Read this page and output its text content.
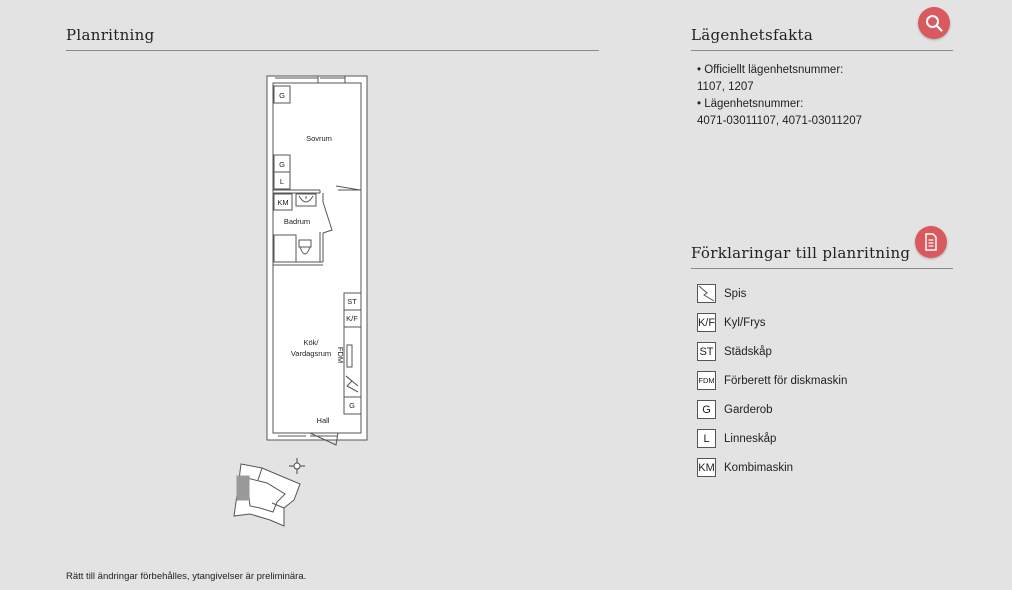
Planritning
G
G
L
KM
ST
K/F
G
Sovrum
Badrum
Kök/
Vardagsrum
Hall
FDM
Lägenhetsfakta
• Officiellt lägenhetsnummer:
1107, 1207
• Lägenhetsnummer:
4071-03011107, 4071-03011207
Förklaringar till planritning
Spis
K/F Kyl/Frys
ST Städskåp
FDM Förberett för diskmaskin
G	Garderob
L	Linneskåp
KM Kombimaskin
Rätt till ändringar förbehålles, ytangivelser är preliminära.
